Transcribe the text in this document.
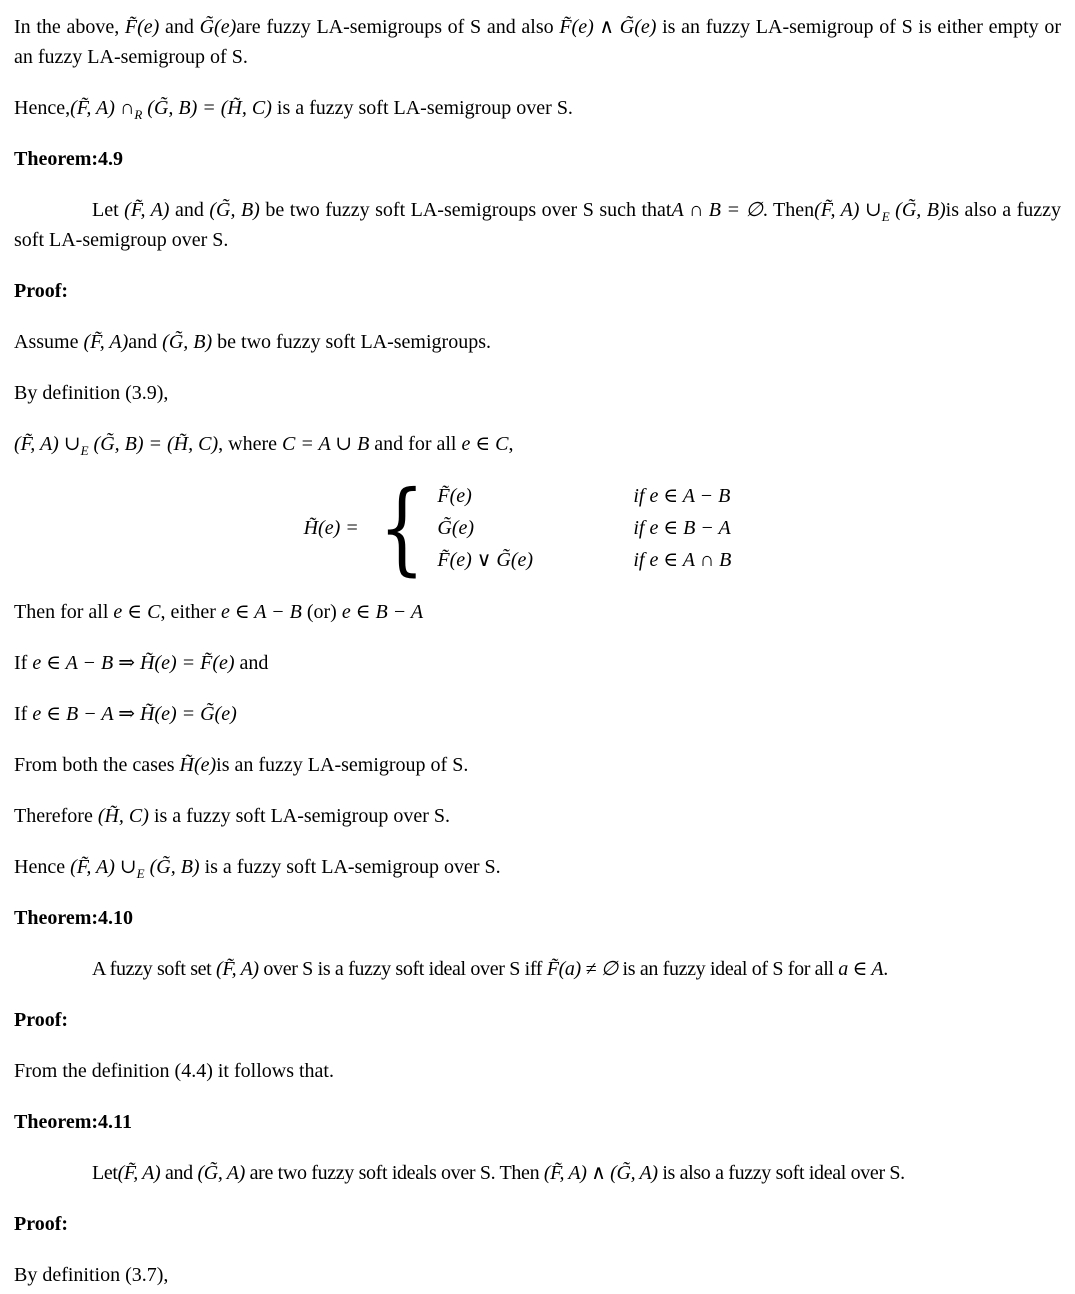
In the above, F̃(e) and G̃(e)are fuzzy LA-semigroups of S and also F̃(e) ∧ G̃(e) is an fuzzy LA-semigroup of S is either empty or an fuzzy LA-semigroup of S.
Hence,(F̃, A) $\cap_R$ (G̃, B) = (H̃, C) is a fuzzy soft LA-semigroup over S.
Theorem:4.9
Let (F̃, A) and (G̃, B) be two fuzzy soft LA-semigroups over S such thatA ∩ B = ∅. Then(F̃, A) $\cup_E$ (G̃, B)is also a fuzzy soft LA-semigroup over S.
Proof:
Assume (F̃, A)and (G̃, B) be two fuzzy soft LA-semigroups.
By definition (3.9),
(F̃, A) $\cup_E$ (G̃, B) = (H̃, C), where C = A ∪ B and for all e ∈ C,
H̃(e) = { F̃(e)
G̃(e)
F̃(e) ∨ G̃(e)
if e ∈ A − B
if e ∈ B − A
if e ∈ A ∩ B
Then for all e ∈ C, either e ∈ A − B (or) e ∈ B − A
If e ∈ A − B ⇒ H̃(e) = F̃(e) and
If e ∈ B − A ⇒ H̃(e) = G̃(e)
From both the cases H̃(e)is an fuzzy LA-semigroup of S.
Therefore (H̃, C) is a fuzzy soft LA-semigroup over S.
Hence (F̃, A) $\cup_E$ (G̃, B) is a fuzzy soft LA-semigroup over S.
Theorem:4.10
A fuzzy soft set (F̃, A) over S is a fuzzy soft ideal over S iff F̃(a) ≠ ∅ is an fuzzy ideal of S for all a ∈ A.
Proof:
From the definition (4.4) it follows that.
Theorem:4.11
Let(F̃, A) and (G̃, A) are two fuzzy soft ideals over S. Then (F̃, A) ∧ (G̃, A) is also a fuzzy soft ideal over S.
Proof:
By definition (3.7),
